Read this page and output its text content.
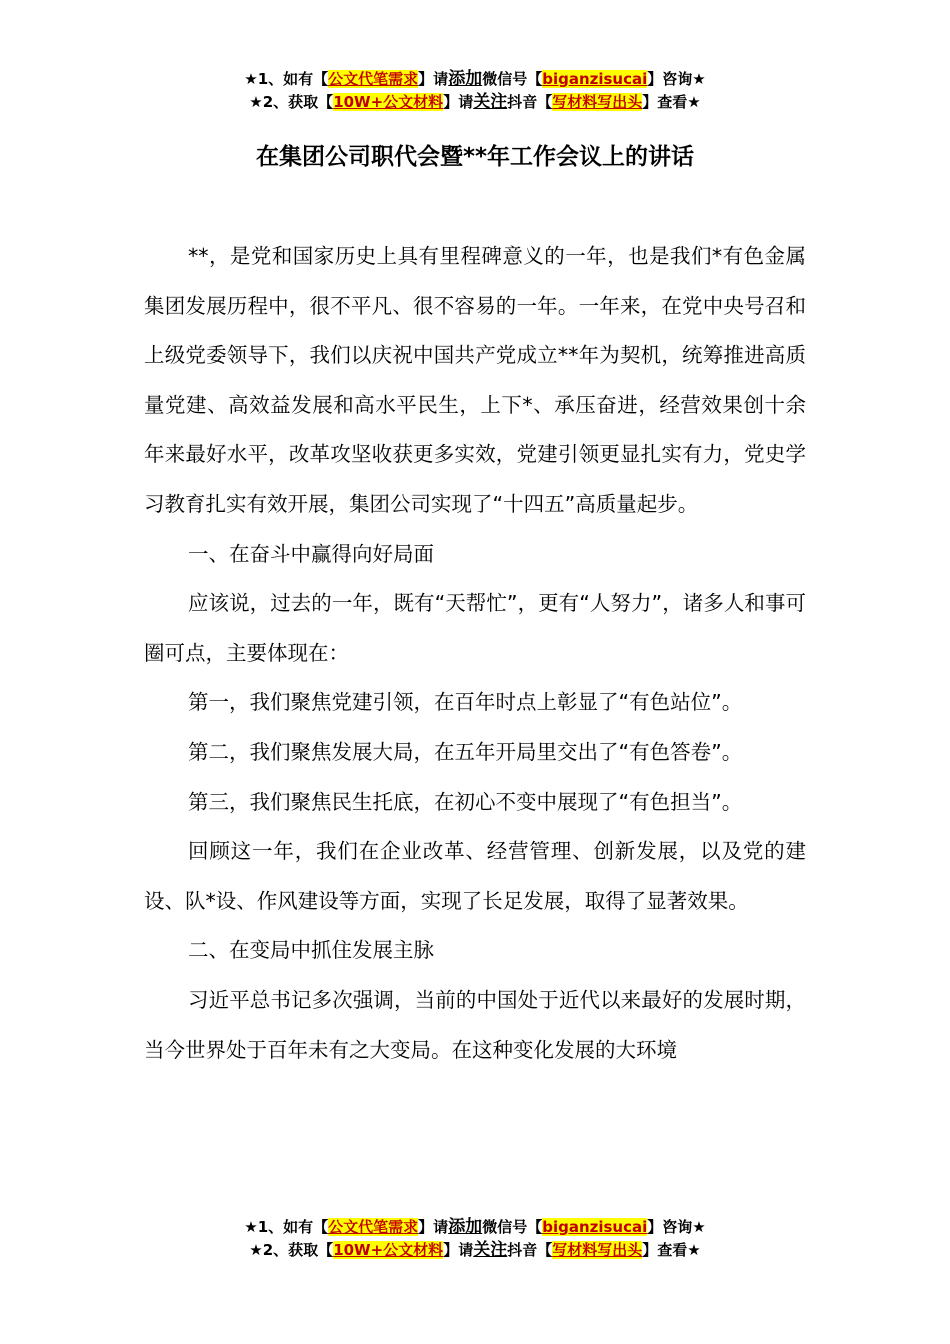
★1、如有【公文代笔需求】请添加微信号【biganzisucai】咨询★
★2、获取【10W+公文材料】请关注抖音【写材料写出头】查看★
在集团公司职代会暨**年工作会议上的讲话

**，是党和国家历史上具有里程碑意义的一年，也是我们*有色金属集团发展历程中，很不平凡、很不容易的一年。一年来，在党中央号召和上级党委领导下，我们以庆祝中国共产党成立**年为契机，统筹推进高质量党建、高效益发展和高水平民生，上下*、承压奋进，经营效果创十余年来最好水平，改革攻坚收获更多实效，党建引领更显扎实有力，党史学习教育扎实有效开展，集团公司实现了“十四五”高质量起步。

一、在奋斗中赢得向好局面

应该说，过去的一年，既有“天帮忙”，更有“人努力”，诸多人和事可圈可点，主要体现在：

第一，我们聚焦党建引领，在百年时点上彰显了“有色站位”。

第二，我们聚焦发展大局，在五年开局里交出了“有色答卷”。

第三，我们聚焦民生托底，在初心不变中展现了“有色担当”。

回顾这一年，我们在企业改革、经营管理、创新发展，以及党的建设、队*设、作风建设等方面，实现了长足发展，取得了显著效果。

二、在变局中抓住发展主脉

习近平总书记多次强调，当前的中国处于近代以来最好的发展时期，当今世界处于百年未有之大变局。在这种变化发展的大环境

★1、如有【公文代笔需求】请添加微信号【biganzisucai】咨询★
★2、获取【10W+公文材料】请关注抖音【写材料写出头】查看★
